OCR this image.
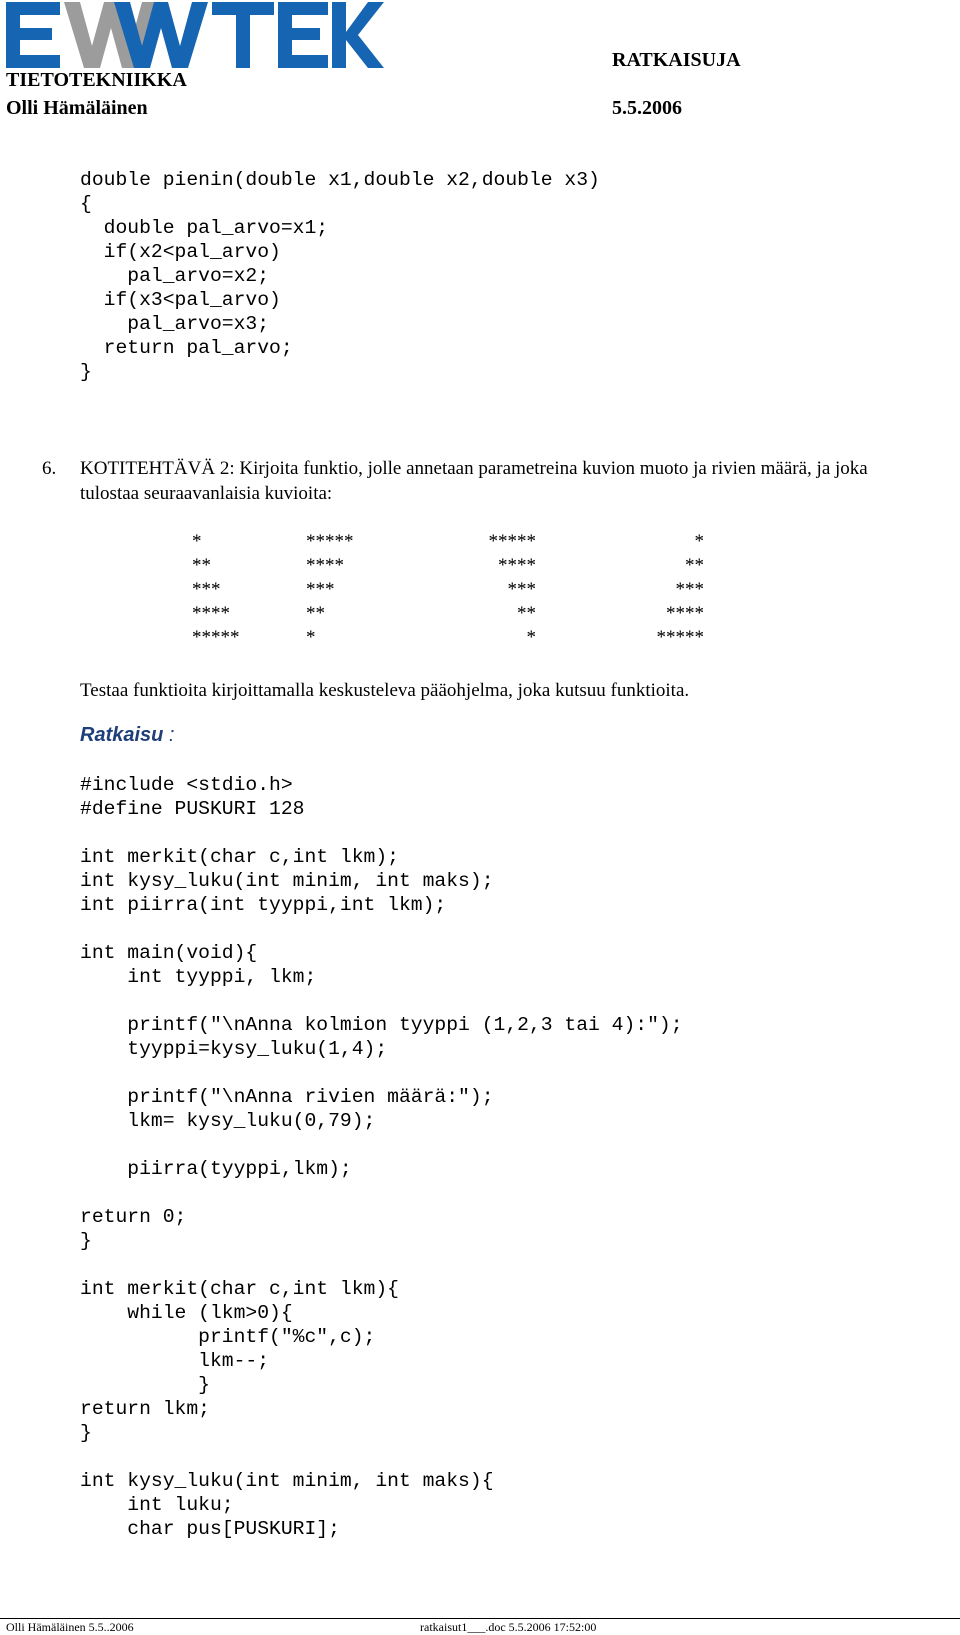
TIETOTEKNIIKKA
Olli Hämäläinen
RATKAISUJA
5.5.2006
double pienin(double x1,double x2,double x3)
{
double pal_arvo=x1;
if(x2<pal_arvo)
pal_arvo=x2;
if(x3<pal_arvo)
pal_arvo=x3;
return pal_arvo;
}
6. KOTITEHTÄVÄ 2: Kirjoita funktio, jolle annetaan parametreina kuvion muoto ja rivien määrä, ja joka
tulostaa seuraavanlaisia kuvioita:
*
**
***
****
*****
*****
****
***
**
*
*****
****
***
**
*
*
**
***
****
*****
Testaa funktioita kirjoittamalla keskusteleva pääohjelma, joka kutsuu funktioita.
Ratkaisu :
#include <stdio.h>
#define PUSKURI 128

int merkit(char c,int lkm);
int kysy_luku(int minim, int maks);
int piirra(int tyyppi,int lkm);

int main(void){
int tyyppi, lkm;

printf("\nAnna kolmion tyyppi (1,2,3 tai 4):");
tyyppi=kysy_luku(1,4);

printf("\nAnna rivien määrä:");
lkm= kysy_luku(0,79);

piirra(tyyppi,lkm);

return 0;
}

int merkit(char c,int lkm){
while (lkm>0){
printf("%c",c);
lkm--;
}
return lkm;
}

int kysy_luku(int minim, int maks){
int luku;
char pus[PUSKURI];
Olli Hämäläinen 5.5..2006	ratkaisut1___.doc 5.5.2006 17:52:00
